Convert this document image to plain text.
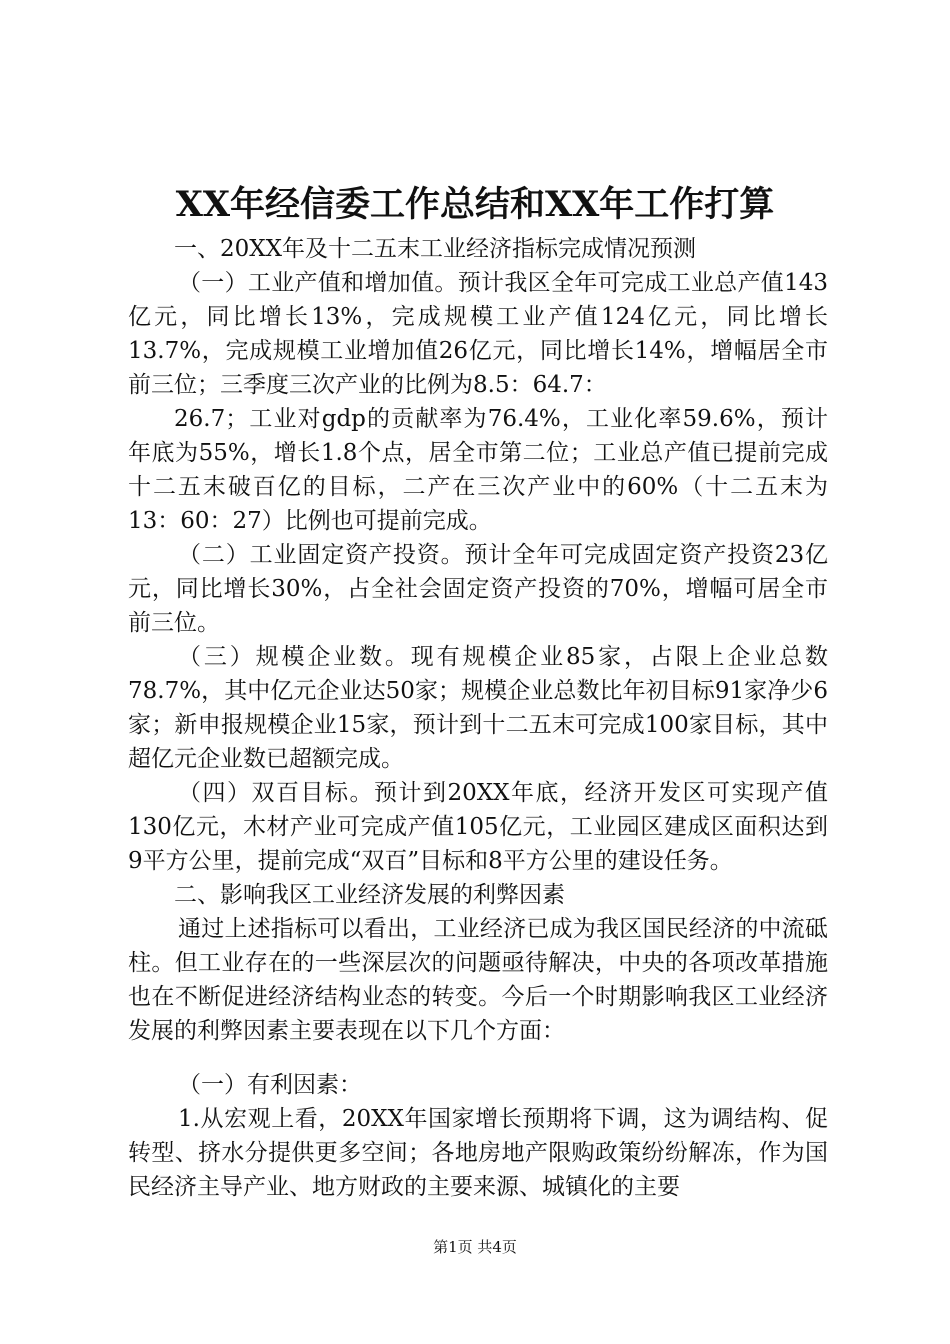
XX年经信委工作总结和XX年工作打算

一、20XX年及十二五末工业经济指标完成情况预测

（一）工业产值和增加值。预计我区全年可完成工业总产值143亿元，同比增长13%，完成规模工业产值124亿元，同比增长13.7%，完成规模工业增加值26亿元，同比增长14%，增幅居全市前三位；三季度三次产业的比例为8.5：64.7：

26.7；工业对gdp的贡献率为76.4%，工业化率59.6%，预计年底为55%，增长1.8个点，居全市第二位；工业总产值已提前完成十二五末破百亿的目标，二产在三次产业中的60%（十二五末为13：60：27）比例也可提前完成。

（二）工业固定资产投资。预计全年可完成固定资产投资23亿元，同比增长30%，占全社会固定资产投资的70%，增幅可居全市前三位。

（三）规模企业数。现有规模企业85家，占限上企业总数78.7%，其中亿元企业达50家；规模企业总数比年初目标91家净少6家；新申报规模企业15家，预计到十二五末可完成100家目标，其中超亿元企业数已超额完成。

（四）双百目标。预计到20XX年底，经济开发区可实现产值130亿元，木材产业可完成产值105亿元，工业园区建成区面积达到9平方公里，提前完成“双百”目标和8平方公里的建设任务。

二、影响我区工业经济发展的利弊因素

通过上述指标可以看出，工业经济已成为我区国民经济的中流砥柱。但工业存在的一些深层次的问题亟待解决，中央的各项改革措施也在不断促进经济结构业态的转变。今后一个时期影响我区工业经济发展的利弊因素主要表现在以下几个方面：

（一）有利因素：

1.从宏观上看，20XX年国家增长预期将下调，这为调结构、促转型、挤水分提供更多空间；各地房地产限购政策纷纷解冻，作为国民经济主导产业、地方财政的主要来源、城镇化的主要

第1页 共4页
